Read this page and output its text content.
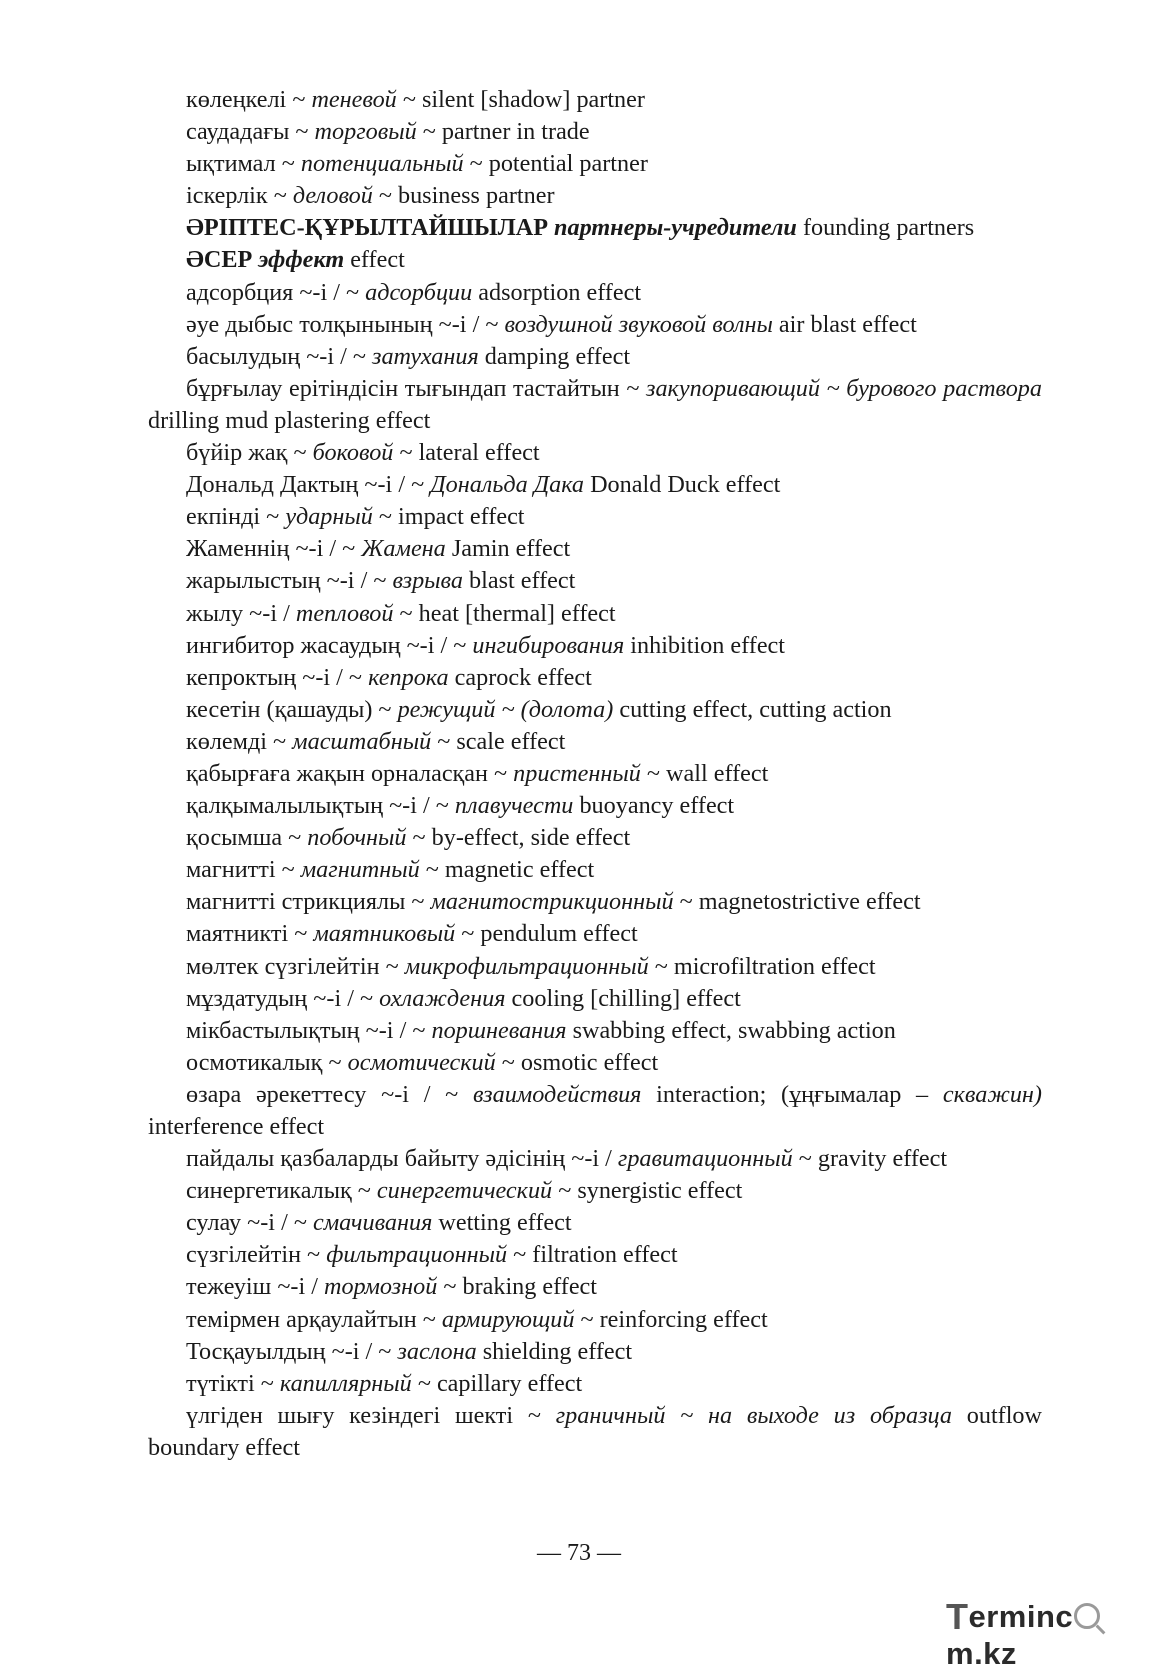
көлеңкелі ~ теневой ~ silent [shadow] partner

саудадағы ~ торговый ~ partner in trade

ықтимал ~ потенциальный ~ potential partner

іскерлік ~ деловой ~ business partner

ӘРІПТЕС-ҚҰРЫЛТАЙШЫЛАР партнеры-учредители founding partners

ӘСЕР эффект effect

адсорбция ~-і / ~ адсорбции adsorption effect

әуе дыбыс толқынының ~-і / ~ воздушной звуковой волны air blast effect

басылудың ~-і / ~ затухания damping effect

бұрғылау ерітіндісін тығындап тастайтын ~ закупоривающий ~ бурового раствора drilling mud plastering effect

бүйір жақ ~ боковой ~ lateral effect

Дональд Дактың ~-і / ~ Дональда Дака Donald Duck effect

екпінді ~ ударный ~ impact effect

Жаменнің ~-і / ~ Жамена Jamin effect

жарылыстың ~-і / ~ взрыва blast effect

жылу ~-і / тепловой ~ heat [thermal] effect

ингибитор жасаудың ~-і / ~ ингибирования inhibition effect

кепроктың ~-і / ~ кепрока caprock effect

кесетін (қашауды) ~ режущий ~ (долота) cutting effect, cutting action

көлемді ~ масштабный ~ scale effect

қабырғаға жақын орналасқан ~ пристенный ~ wall effect

қалқымалылықтың ~-і / ~ плавучести buoyancy effect

қосымша ~ побочный ~ by-effect, side effect

магнитті ~ магнитный ~ magnetic effect

магнитті стрикциялы ~ магнитострикционный ~ magnetostrictive effect

маятникті ~ маятниковый ~ pendulum effect

мөлтек сүзгілейтін ~ микрофильтрационный ~ microfiltration effect

мұздатудың ~-і / ~ охлаждения cooling [chilling] effect

мікбастылықтың ~-і / ~ поршневания swabbing effect, swabbing action

осмотикалық ~ осмотический ~ osmotic effect

өзара әрекеттесу ~-і / ~ взаимодействия interaction; (ұңғымалар – скважин) interference effect

пайдалы қазбаларды байыту әдісінің ~-і / гравитационный ~ gravity effect

синергетикалық ~ синергетический ~ synergistic effect

сулау ~-і / ~ смачивания wetting effect

сүзгілейтін ~ фильтрационный ~ filtration effect

тежеуіш ~-і / тормозной ~ braking effect

темірмен арқаулайтын ~ армирующий ~ reinforcing effect

Тосқауылдың ~-і / ~ заслона shielding effect

түтікті ~ капиллярный ~ capillary effect

үлгіден шығу кезіндегі шекті ~ граничный ~ на выходе из образца outflow boundary effect

― 73 ―
Termincm.kz
